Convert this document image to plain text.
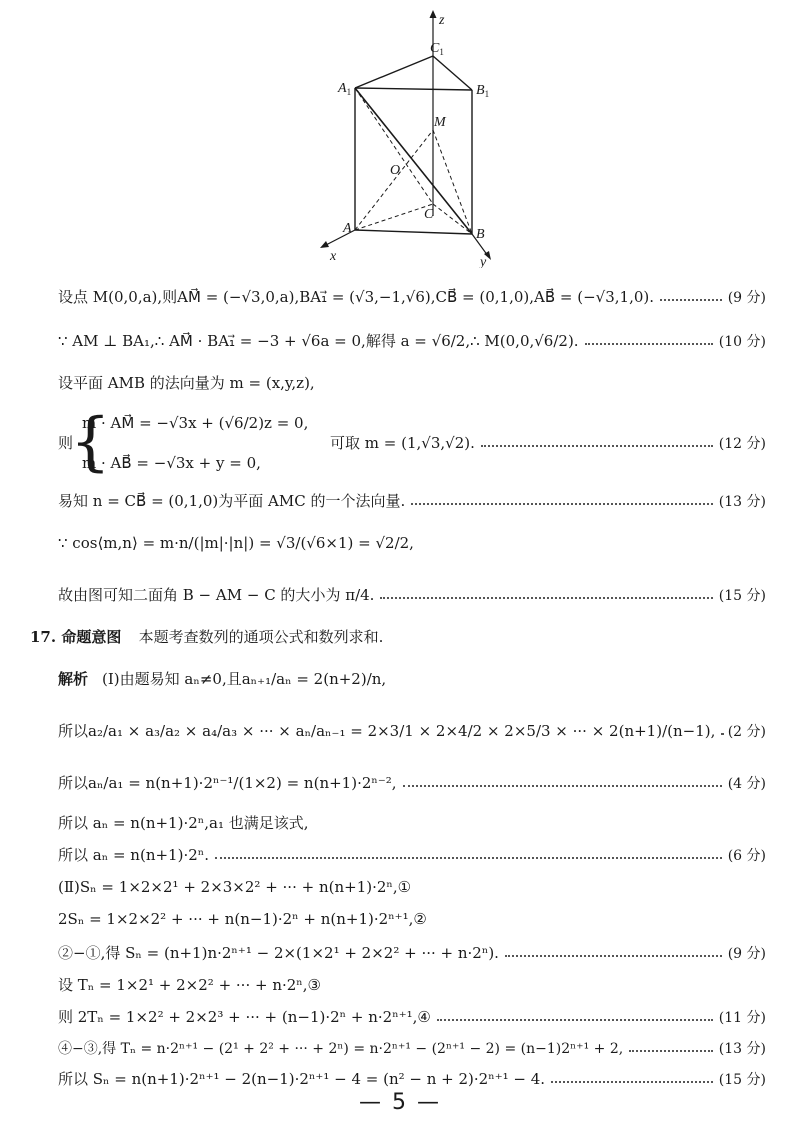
z
$C_1$
$B_1$
$A_1$
M
O
C
A	B
x	y
设点 M(0,0,a),则AM⃗ = (−√3,0,a),BA₁⃗ = (√3,−1,√6),CB⃗ = (0,1,0),AB⃗ = (−√3,1,0).	(9 分)
∵ AM ⊥ BA₁,∴ AM⃗ · BA₁⃗ = −3 + √6a = 0,解得 a = √6/2,∴ M(0,0,√6/2).	(10 分)
设平面 AMB 的法向量为 m = (x,y,z),
则
{
m · AM⃗ = −√3x + (√6/2)z = 0,
m · AB⃗ = −√3x + y = 0,
可取 m = (1,√3,√2).	(12 分)
易知 n = CB⃗ = (0,1,0)为平面 AMC 的一个法向量.	(13 分)
∵ cos⟨m,n⟩ = m·n/(|m|·|n|) = √3/(√6×1) = √2/2,
故由图可知二面角 B − AM − C 的大小为 π/4.	(15 分)
17. 命题意图 本题考查数列的通项公式和数列求和.
解析 (Ⅰ)由题易知 aₙ≠0,且aₙ₊₁/aₙ = 2(n+2)/n,
所以a₂/a₁ × a₃/a₂ × a₄/a₃ × ··· × aₙ/aₙ₋₁ = 2×3/1 × 2×4/2 × 2×5/3 × ··· × 2(n+1)/(n−1), (2 分)
所以aₙ/a₁ = n(n+1)·2ⁿ⁻¹/(1×2) = n(n+1)·2ⁿ⁻²,	(4 分)
所以 aₙ = n(n+1)·2ⁿ,a₁ 也满足该式,
所以 aₙ = n(n+1)·2ⁿ.	(6 分)
(Ⅱ)Sₙ = 1×2×2¹ + 2×3×2² + ··· + n(n+1)·2ⁿ,①
2Sₙ = 1×2×2² + ··· + n(n−1)·2ⁿ + n(n+1)·2ⁿ⁺¹,②
②−①,得 Sₙ = (n+1)n·2ⁿ⁺¹ − 2×(1×2¹ + 2×2² + ··· + n·2ⁿ).	(9 分)
设 Tₙ = 1×2¹ + 2×2² + ··· + n·2ⁿ,③
则 2Tₙ = 1×2² + 2×2³ + ··· + (n−1)·2ⁿ + n·2ⁿ⁺¹,④	(11 分)
④−③,得 Tₙ = n·2ⁿ⁺¹ − (2¹ + 2² + ··· + 2ⁿ) = n·2ⁿ⁺¹ − (2ⁿ⁺¹ − 2) = (n−1)2ⁿ⁺¹ + 2,	(13 分)
所以 Sₙ = n(n+1)·2ⁿ⁺¹ − 2(n−1)·2ⁿ⁺¹ − 4 = (n² − n + 2)·2ⁿ⁺¹ − 4.	(15 分)
— 5 —
